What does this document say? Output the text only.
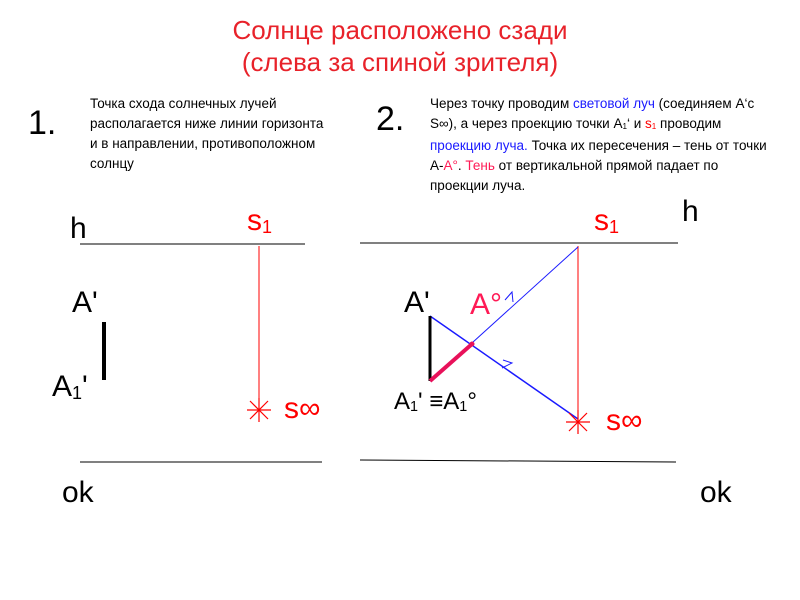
Солнце расположено сзади
(слева за спиной зрителя)
1.	2.
Точка схода солнечных лучей располагается ниже линии горизонта и в направлении, противоположном солнцу
Через точку проводим световой луч (соединяем А‘с S∞), а через проекцию точки $А_1‘$ и $s_1$ проводим проекцию луча. Точка их пересечения – тень от точки А-А°. Тень от вертикальной прямой падает по проекции луча.
h
ok
A'
$A_1'$
$s_1$
s∞
h
ok
A' A°
$A_1' \equiv A_1^\circ$
$s_1$
s∞
